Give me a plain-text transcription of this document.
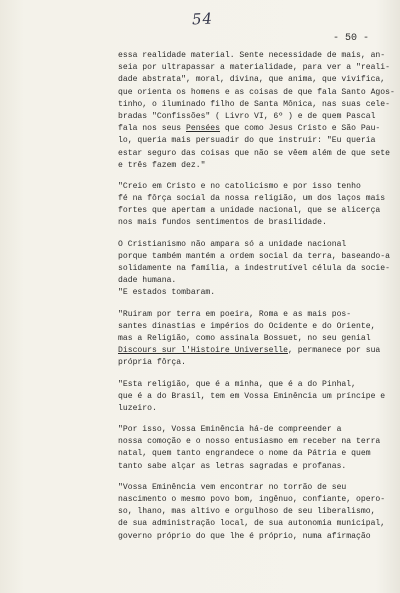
54
- 50 -
essa realidade material. Sente necessidade de mais, an-
seia por ultrapassar a materialidade, para ver a "reali-
dade abstrata", moral, divina, que anima, que vivifica,
que orienta os homens e as coisas de que fala Santo Agos-
tinho, o iluminado filho de Santa Mônica, nas suas cele-
bradas "Confissões" ( Livro VI, 6º ) e de quem Pascal
fala nos seus Pensées que como Jesus Cristo e São Pau-
lo, queria mais persuadir do que instruir: "Eu queria
estar seguro das coisas que não se vêem além de que sete
e três fazem dez."
"Creio em Cristo e no catolicismo e por isso tenho
fé na fôrça social da nossa religião, um dos laços mais
fortes que apertam a unidade nacional, que se alicerça
nos mais fundos sentimentos de brasilidade.
O Cristianismo não ampara só a unidade nacional
porque também mantém a ordem social da terra, baseando-a
solidamente na família, a indestrutível célula da socie-
dade humana.
"E estados tombaram.
"Ruiram por terra em poeira, Roma e as mais pos-
santes dinastias e impérios do Ocidente e do Oriente,
mas a Religião, como assinala Bossuet, no seu genial
Discours sur l'Histoire Universelle, permanece por sua
própria fôrça.
"Esta religião, que é a minha, que é a do Pinhal,
que é a do Brasil, tem em Vossa Eminência um príncipe e
luzeiro.
"Por isso, Vossa Eminência há-de compreender a
nossa comoção e o nosso entusiasmo em receber na terra
natal, quem tanto engrandece o nome da Pátria e quem
tanto sabe alçar as letras sagradas e profanas.
"Vossa Eminência vem encontrar no torrão de seu
nascimento o mesmo povo bom, ingênuo, confiante, opero-
so, lhano, mas altivo e orgulhoso de seu liberalismo,
de sua administração local, de sua autonomia municipal,
governo próprio do que lhe é próprio, numa afirmação
